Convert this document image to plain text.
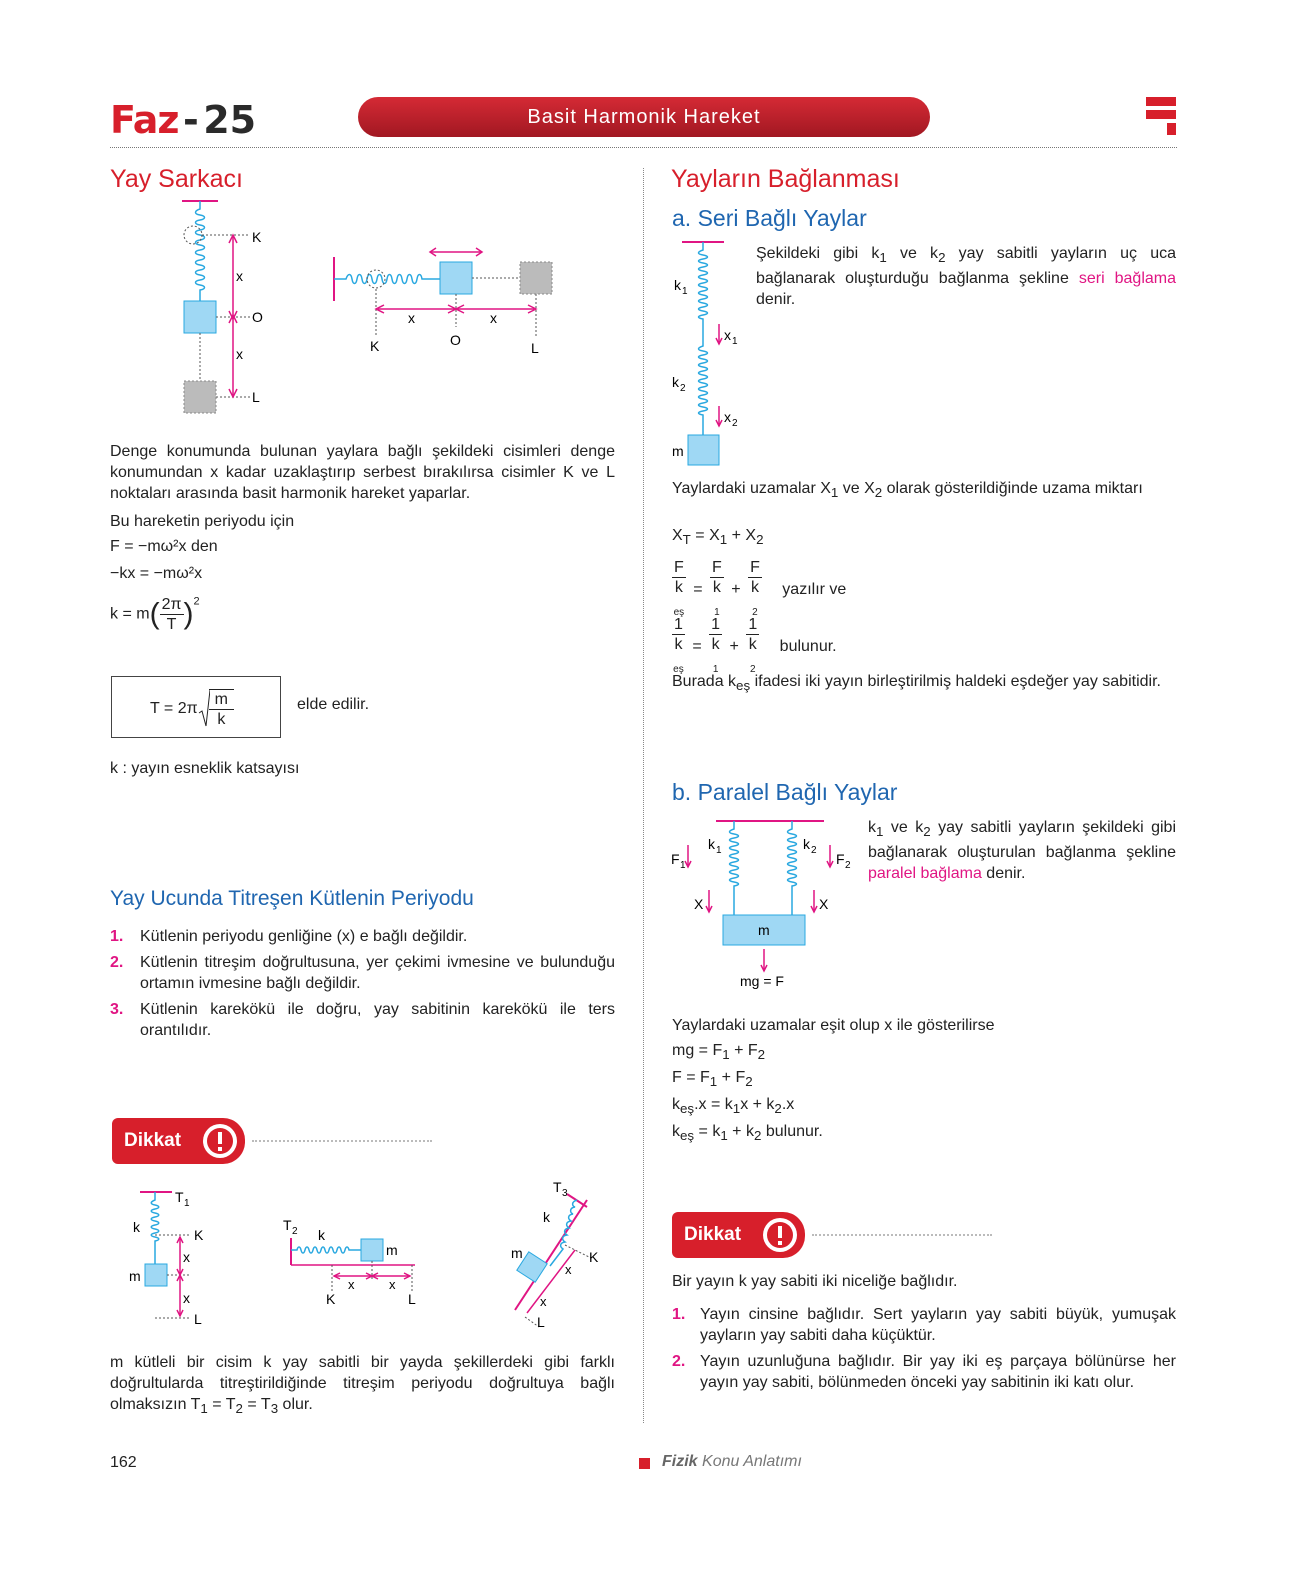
Faz - 25	Basit Harmonik Hareket
Yay Sarkacı
K
x
O
x
L
x	x
K	O	L
Denge konumunda bulunan yaylara bağlı şekildeki cisimleri denge konumundan x kadar uzaklaştırıp serbest bırakılırsa cisimler K ve L noktaları arasında basit harmonik hareket yaparlar.
Bu hareketin periyodu için
F = −mω²x den
−kx = −mω²x
$k = m( \frac{2\pi}{T} )^2$
$T = 2\pi \frac{m}{k}$	elde edilir.
k : yayın esneklik katsayısı
Yay Ucunda Titreşen Kütlenin Periyodu
1.	Kütlenin periyodu genliğine (x) e bağlı değildir.
2.	Kütlenin titreşim doğrultusuna, yer çekimi ivmesine ve bulunduğu ortamın ivmesine bağlı değildir.
3.	Kütlenin karekökü ile doğru, yay sabitinin karekökü ile ters orantılıdır.
Dikkat
T 1
k
m
K
x
x
L
T 2 k
m
x	x
K	L
T 3
k
m	K
x
x
L
m kütleli bir cisim k yay sabitli bir yayda şekillerdeki gibi farklı doğrultularda titreştirildiğinde titreşim periyodu doğrultuya bağlı olmaksızın $T_1 = T_2 = T_3$ olur.
Yayların Bağlanması
a. Seri Bağlı Yaylar
k 1
x 1
k 2
x 2
m
Şekildeki gibi $k_1$ ve $k_2$ yay sabitli yayların uç uca bağlanarak oluşturduğu bağlanma şekline seri bağlama denir.
Yaylardaki uzamalar $X_1$ ve $X_2$ olarak gösterildiğinde uzama miktarı
$X_T = X_1 + X_2$
F
k
$_{eş}$ = F
k
$_1$ + F
k
$_2$ yazılır ve
1
k
$_{eş}$ = 1
k
$_1$ + 1
k
$_2$ bulunur.
Burada $k_{eş}$ ifadesi iki yayın birleştirilmiş haldeki eşdeğer yay sabitidir.
b. Paralel Bağlı Yaylar
k 1	k 2
F 1	F 2
X	X
m
mg = F
$k_1$ ve $k_2$ yay sabitli yayların şekildeki gibi bağlanarak oluşturulan bağlanma şekline paralel bağlama denir.
Yaylardaki uzamalar eşit olup x ile gösterilirse
mg = $F_1 + F_2$
$F = F_1 + F_2$
$k_{eş}.x = k_1x + k_2.x$
$k_{eş} = k_1 + k_2$ bulunur.
Dikkat
Bir yayın k yay sabiti iki niceliğe bağlıdır.
1. Yayın cinsine bağlıdır. Sert yayların yay sabiti büyük, yumuşak yayların yay sabiti daha küçüktür.
2. Yayın uzunluğuna bağlıdır. Bir yay iki eş parçaya bölünürse her yayın yay sabiti, bölünmeden önceki yay sabitinin iki katı olur.
162	Fizik Konu Anlatımı
